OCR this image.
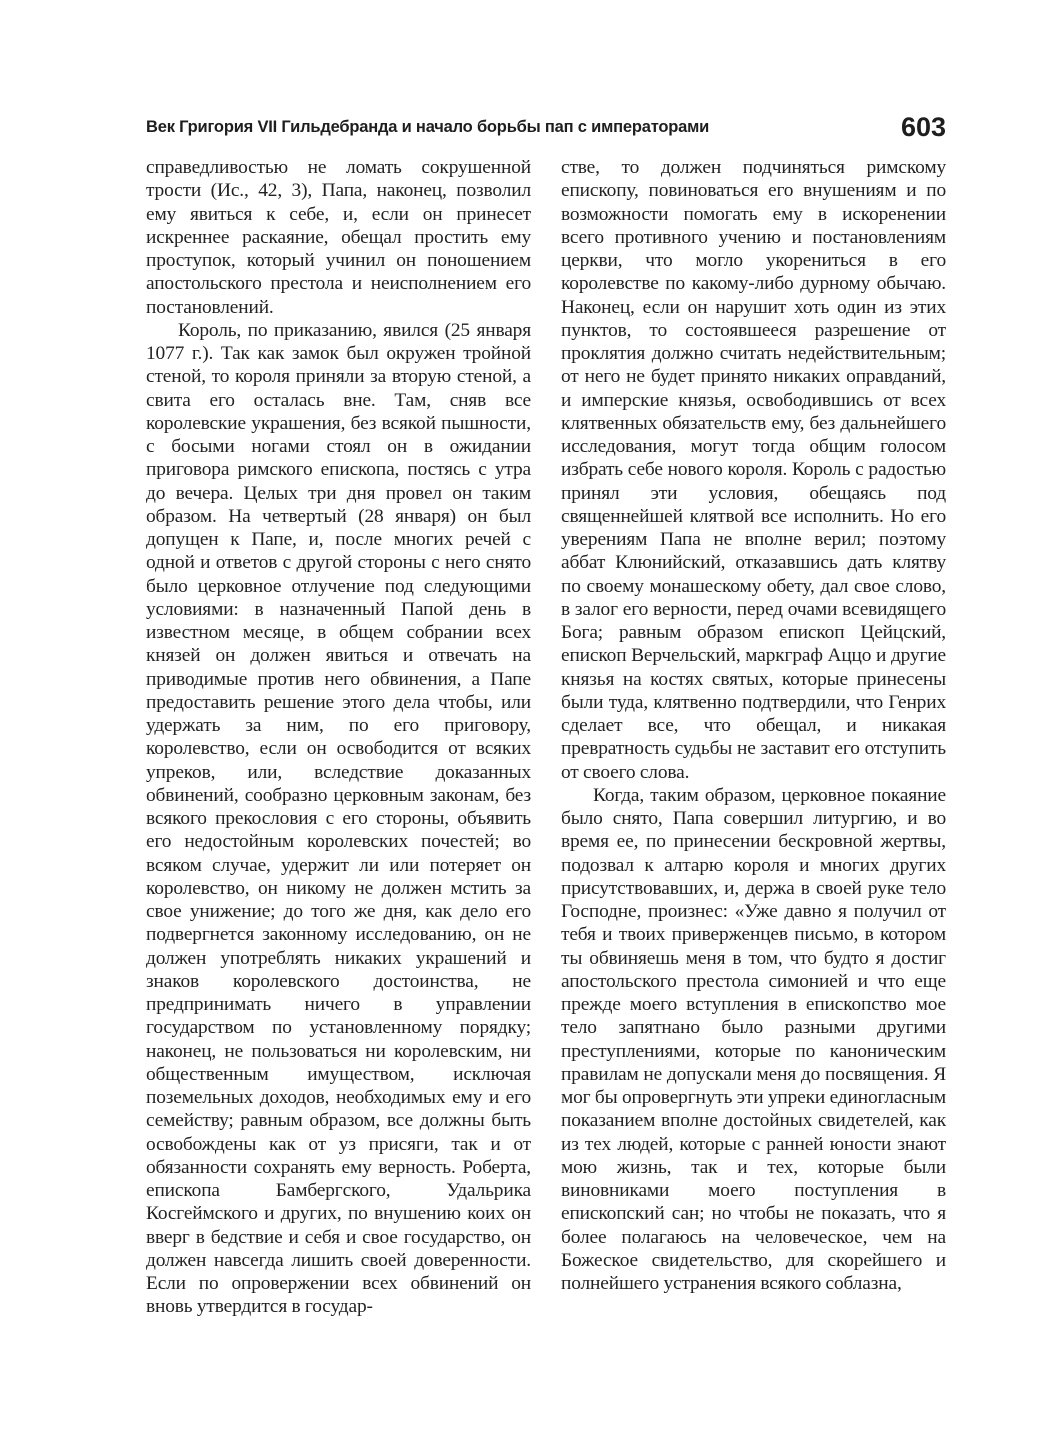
Век Григория VII Гильдебранда и начало борьбы пап с императорами	603

справедливостью не ломать сокрушенной трости (Ис., 42, 3), Папа, наконец, позволил ему явиться к себе, и, если он принесет искреннее раскаяние, обещал простить ему проступок, который учинил он поношением апостольского престола и неисполнением его постановлений.

Король, по приказанию, явился (25 января 1077 г.). Так как замок был окружен тройной стеной, то короля приняли за вторую стеной, а свита его осталась вне. Там, сняв все королевские украшения, без всякой пышности, с босыми ногами стоял он в ожидании приговора римского епископа, постясь с утра до вечера. Целых три дня провел он таким образом. На четвертый (28 января) он был допущен к Папе, и, после многих речей с одной и ответов с другой стороны с него снято было церковное отлучение под следующими условиями: в назначенный Папой день в известном месяце, в общем собрании всех князей он должен явиться и отвечать на приводимые против него обвинения, а Папе предоставить решение этого дела чтобы, или удержать за ним, по его приговору, королевство, если он освободится от всяких упреков, или, вследствие доказанных обвинений, сообразно церковным законам, без всякого прекословия с его стороны, объявить его недостойным королевских почестей; во всяком случае, удержит ли или потеряет он королевство, он никому не должен мстить за свое унижение; до того же дня, как дело его подвергнется законному исследованию, он не должен употреблять никаких украшений и знаков королевского достоинства, не предпринимать ничего в управлении государством по установленному порядку; наконец, не пользоваться ни королевским, ни общественным имуществом, исключая поземельных доходов, необходимых ему и его семейству; равным образом, все должны быть освобождены как от уз присяги, так и от обязанности сохранять ему верность. Роберта, епископа Бамбергского, Удальрика Косгеймского и других, по внушению коих он вверг в бедствие и себя и свое государство, он должен навсегда лишить своей доверенности. Если по опровержении всех обвинений он вновь утвердится в государ-

стве, то должен подчиняться римскому епископу, повиноваться его внушениям и по возможности помогать ему в искоренении всего противного учению и постановлениям церкви, что могло укорениться в его королевстве по какому-либо дурному обычаю. Наконец, если он нарушит хоть один из этих пунктов, то состоявшееся разрешение от проклятия должно считать недействительным; от него не будет принято никаких оправданий, и имперские князья, освободившись от всех клятвенных обязательств ему, без дальнейшего исследования, могут тогда общим голосом избрать себе нового короля. Король с радостью принял эти условия, обещаясь под священнейшей клятвой все исполнить. Но его уверениям Папа не вполне верил; поэтому аббат Клюнийский, отказавшись дать клятву по своему монашескому обету, дал свое слово, в залог его верности, перед очами всевидящего Бога; равным образом епископ Цейцский, епископ Верчельский, маркграф Аццо и другие князья на костях святых, которые принесены были туда, клятвенно подтвердили, что Генрих сделает все, что обещал, и никакая превратность судьбы не заставит его отступить от своего слова.

Когда, таким образом, церковное покаяние было снято, Папа совершил литургию, и во время ее, по принесении бескровной жертвы, подозвал к алтарю короля и многих других присутствовавших, и, держа в своей руке тело Господне, произнес: «Уже давно я получил от тебя и твоих приверженцев письмо, в котором ты обвиняешь меня в том, что будто я достиг апостольского престола симонией и что еще прежде моего вступления в епископство мое тело запятнано было разными другими преступлениями, которые по каноническим правилам не допускали меня до посвящения. Я мог бы опровергнуть эти упреки единогласным показанием вполне достойных свидетелей, как из тех людей, которые с ранней юности знают мою жизнь, так и тех, которые были виновниками моего поступления в епископский сан; но чтобы не показать, что я более полагаюсь на человеческое, чем на Божеское свидетельство, для скорейшего и полнейшего устранения всякого соблазна,
